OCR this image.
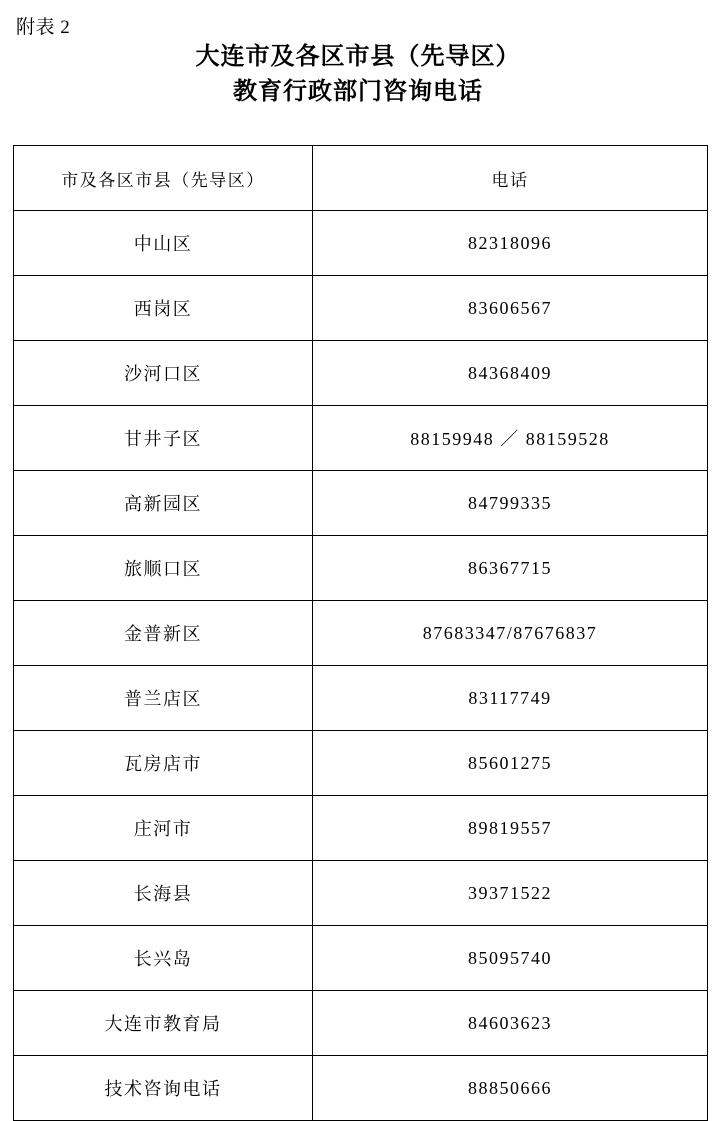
附表 2
大连市及各区市县（先导区）
教育行政部门咨询电话
市及各区市县（先导区）	电话
中山区	82318096
西岗区	83606567
沙河口区	84368409
甘井子区	88159948 ／ 88159528
高新园区	84799335
旅顺口区	86367715
金普新区	87683347/87676837
普兰店区	83117749
瓦房店市	85601275
庄河市	89819557
长海县	39371522
长兴岛	85095740
大连市教育局	84603623
技术咨询电话	88850666
